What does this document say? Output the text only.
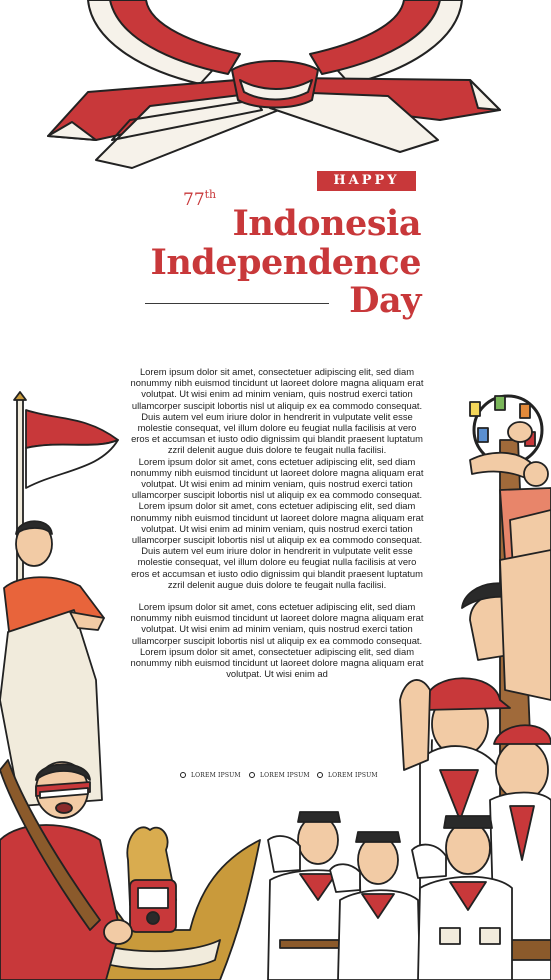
HAPPY
77th
Indonesia
Independence
Day

Lorem ipsum dolor sit amet, consectetuer adipiscing elit, sed diam nonummy nibh euismod tincidunt ut laoreet dolore magna aliquam erat volutpat. Ut wisi enim ad minim veniam, quis nostrud exerci tation ullamcorper suscipit lobortis nisl ut aliquip ex ea commodo consequat. Duis autem vel eum iriure dolor in hendrerit in vulputate velit esse molestie consequat, vel illum dolore eu feugiat nulla facilisis at vero eros et accumsan et iusto odio dignissim qui blandit praesent luptatum zzril delenit augue duis dolore te feugait nulla facilisi.

Lorem ipsum dolor sit amet, cons ectetuer adipiscing elit, sed diam nonummy nibh euismod tincidunt ut laoreet dolore magna aliquam erat volutpat. Ut wisi enim ad minim veniam, quis nostrud exerci tation ullamcorper suscipit lobortis nisl ut aliquip ex ea commodo consequat.

Lorem ipsum dolor sit amet, cons ectetuer adipiscing elit, sed diam nonummy nibh euismod tincidunt ut laoreet dolore magna aliquam erat volutpat. Ut wisi enim ad minim veniam, quis nostrud exerci tation ullamcorper suscipit lobortis nisl ut aliquip ex ea commodo consequat. Duis autem vel eum iriure dolor in hendrerit in vulputate velit esse molestie consequat, vel illum dolore eu feugiat nulla facilisis at vero eros et accumsan et iusto odio dignissim qui blandit praesent luptatum zzril delenit augue duis dolore te feugait nulla facilisi.

Lorem ipsum dolor sit amet, cons ectetuer adipiscing elit, sed diam nonummy nibh euismod tincidunt ut laoreet dolore magna aliquam erat volutpat. Ut wisi enim ad minim veniam, quis nostrud exerci tation ullamcorper suscipit lobortis nisl ut aliquip ex ea commodo consequat.

Lorem ipsum dolor sit amet, consectetuer adipiscing elit, sed diam nonummy nibh euismod tincidunt ut laoreet dolore magna aliquam erat volutpat. Ut wisi enim ad

LOREM IPSUM	LOREM IPSUM	LOREM IPSUM
